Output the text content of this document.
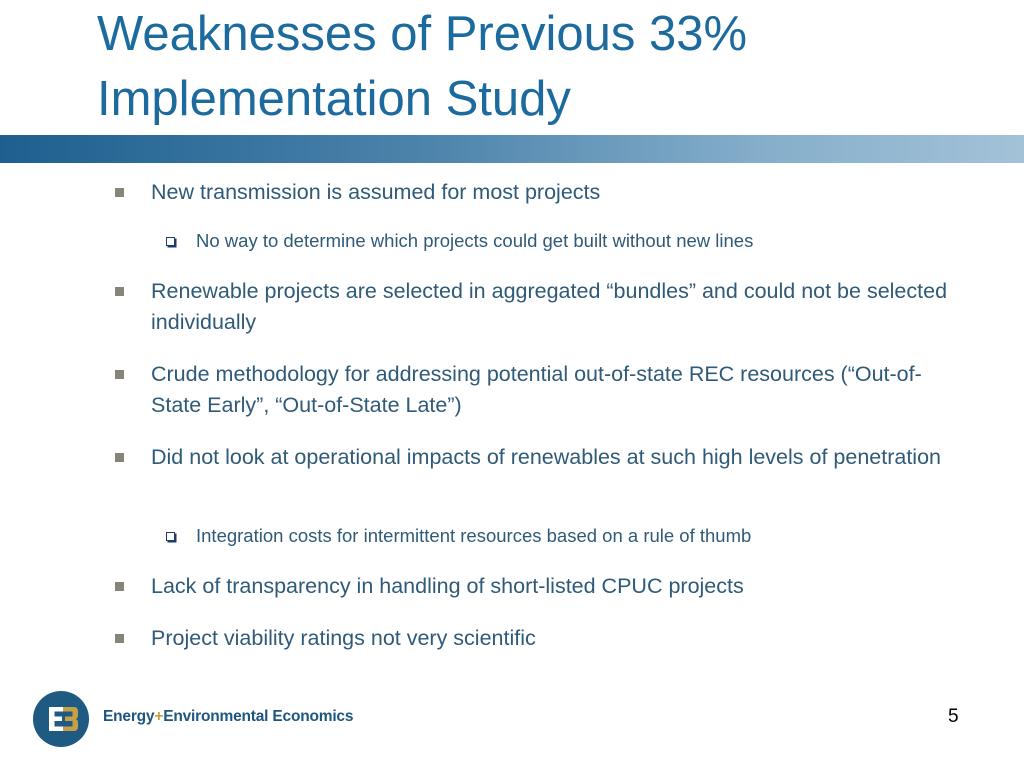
Weaknesses of Previous 33%
Implementation Study
New transmission is assumed for most projects
No way to determine which projects could get built without new lines
Renewable projects are selected in aggregated “bundles” and could not be selected individually
Crude methodology for addressing potential out-of-state REC resources (“Out-of-State Early”, “Out-of-State Late”)
Did not look at operational impacts of renewables at such high levels of penetration
Integration costs for intermittent resources based on a rule of thumb
Lack of transparency in handling of short-listed CPUC projects
Project viability ratings not very scientific
Energy+Environmental Economics	5
